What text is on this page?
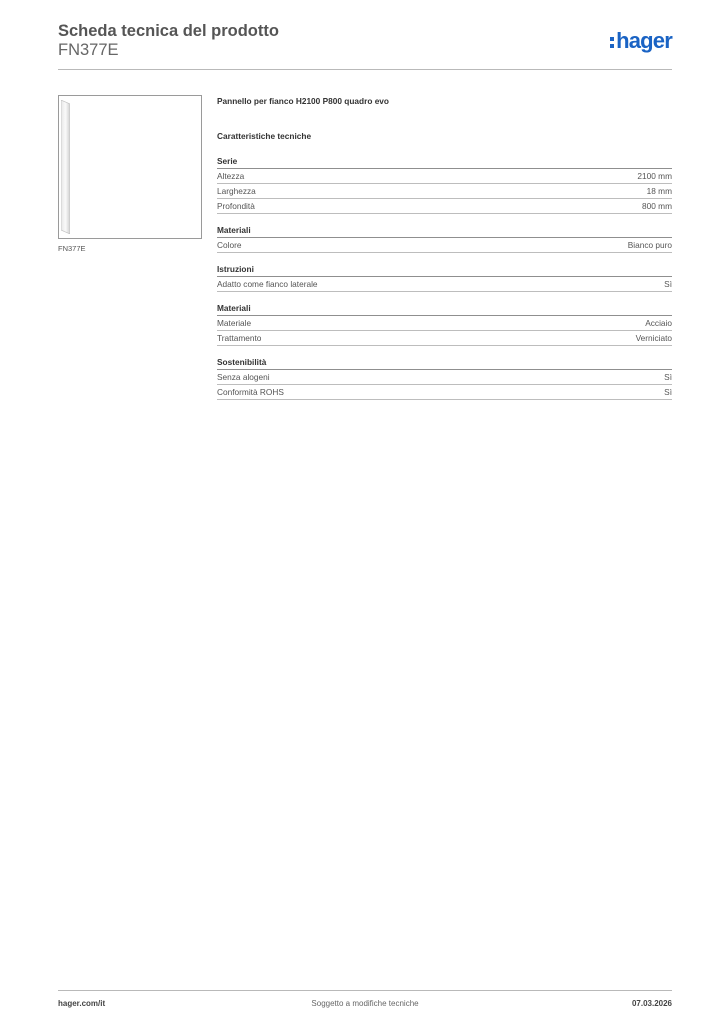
Scheda tecnica del prodotto
FN377E	hager
FN377E
Pannello per fianco H2100 P800 quadro evo
Caratteristiche tecniche
Serie
Altezza	2100 mm
Larghezza	18 mm
Profondità	800 mm
Materiali
Colore	Bianco puro
Istruzioni
Adatto come fianco laterale	Sì
Materiali
Materiale	Acciaio
Trattamento	Verniciato
Sostenibilità
Senza alogeni	Sì
Conformità ROHS	Sì
hager.com/it	Soggetto a modifiche tecniche	07.03.2026
